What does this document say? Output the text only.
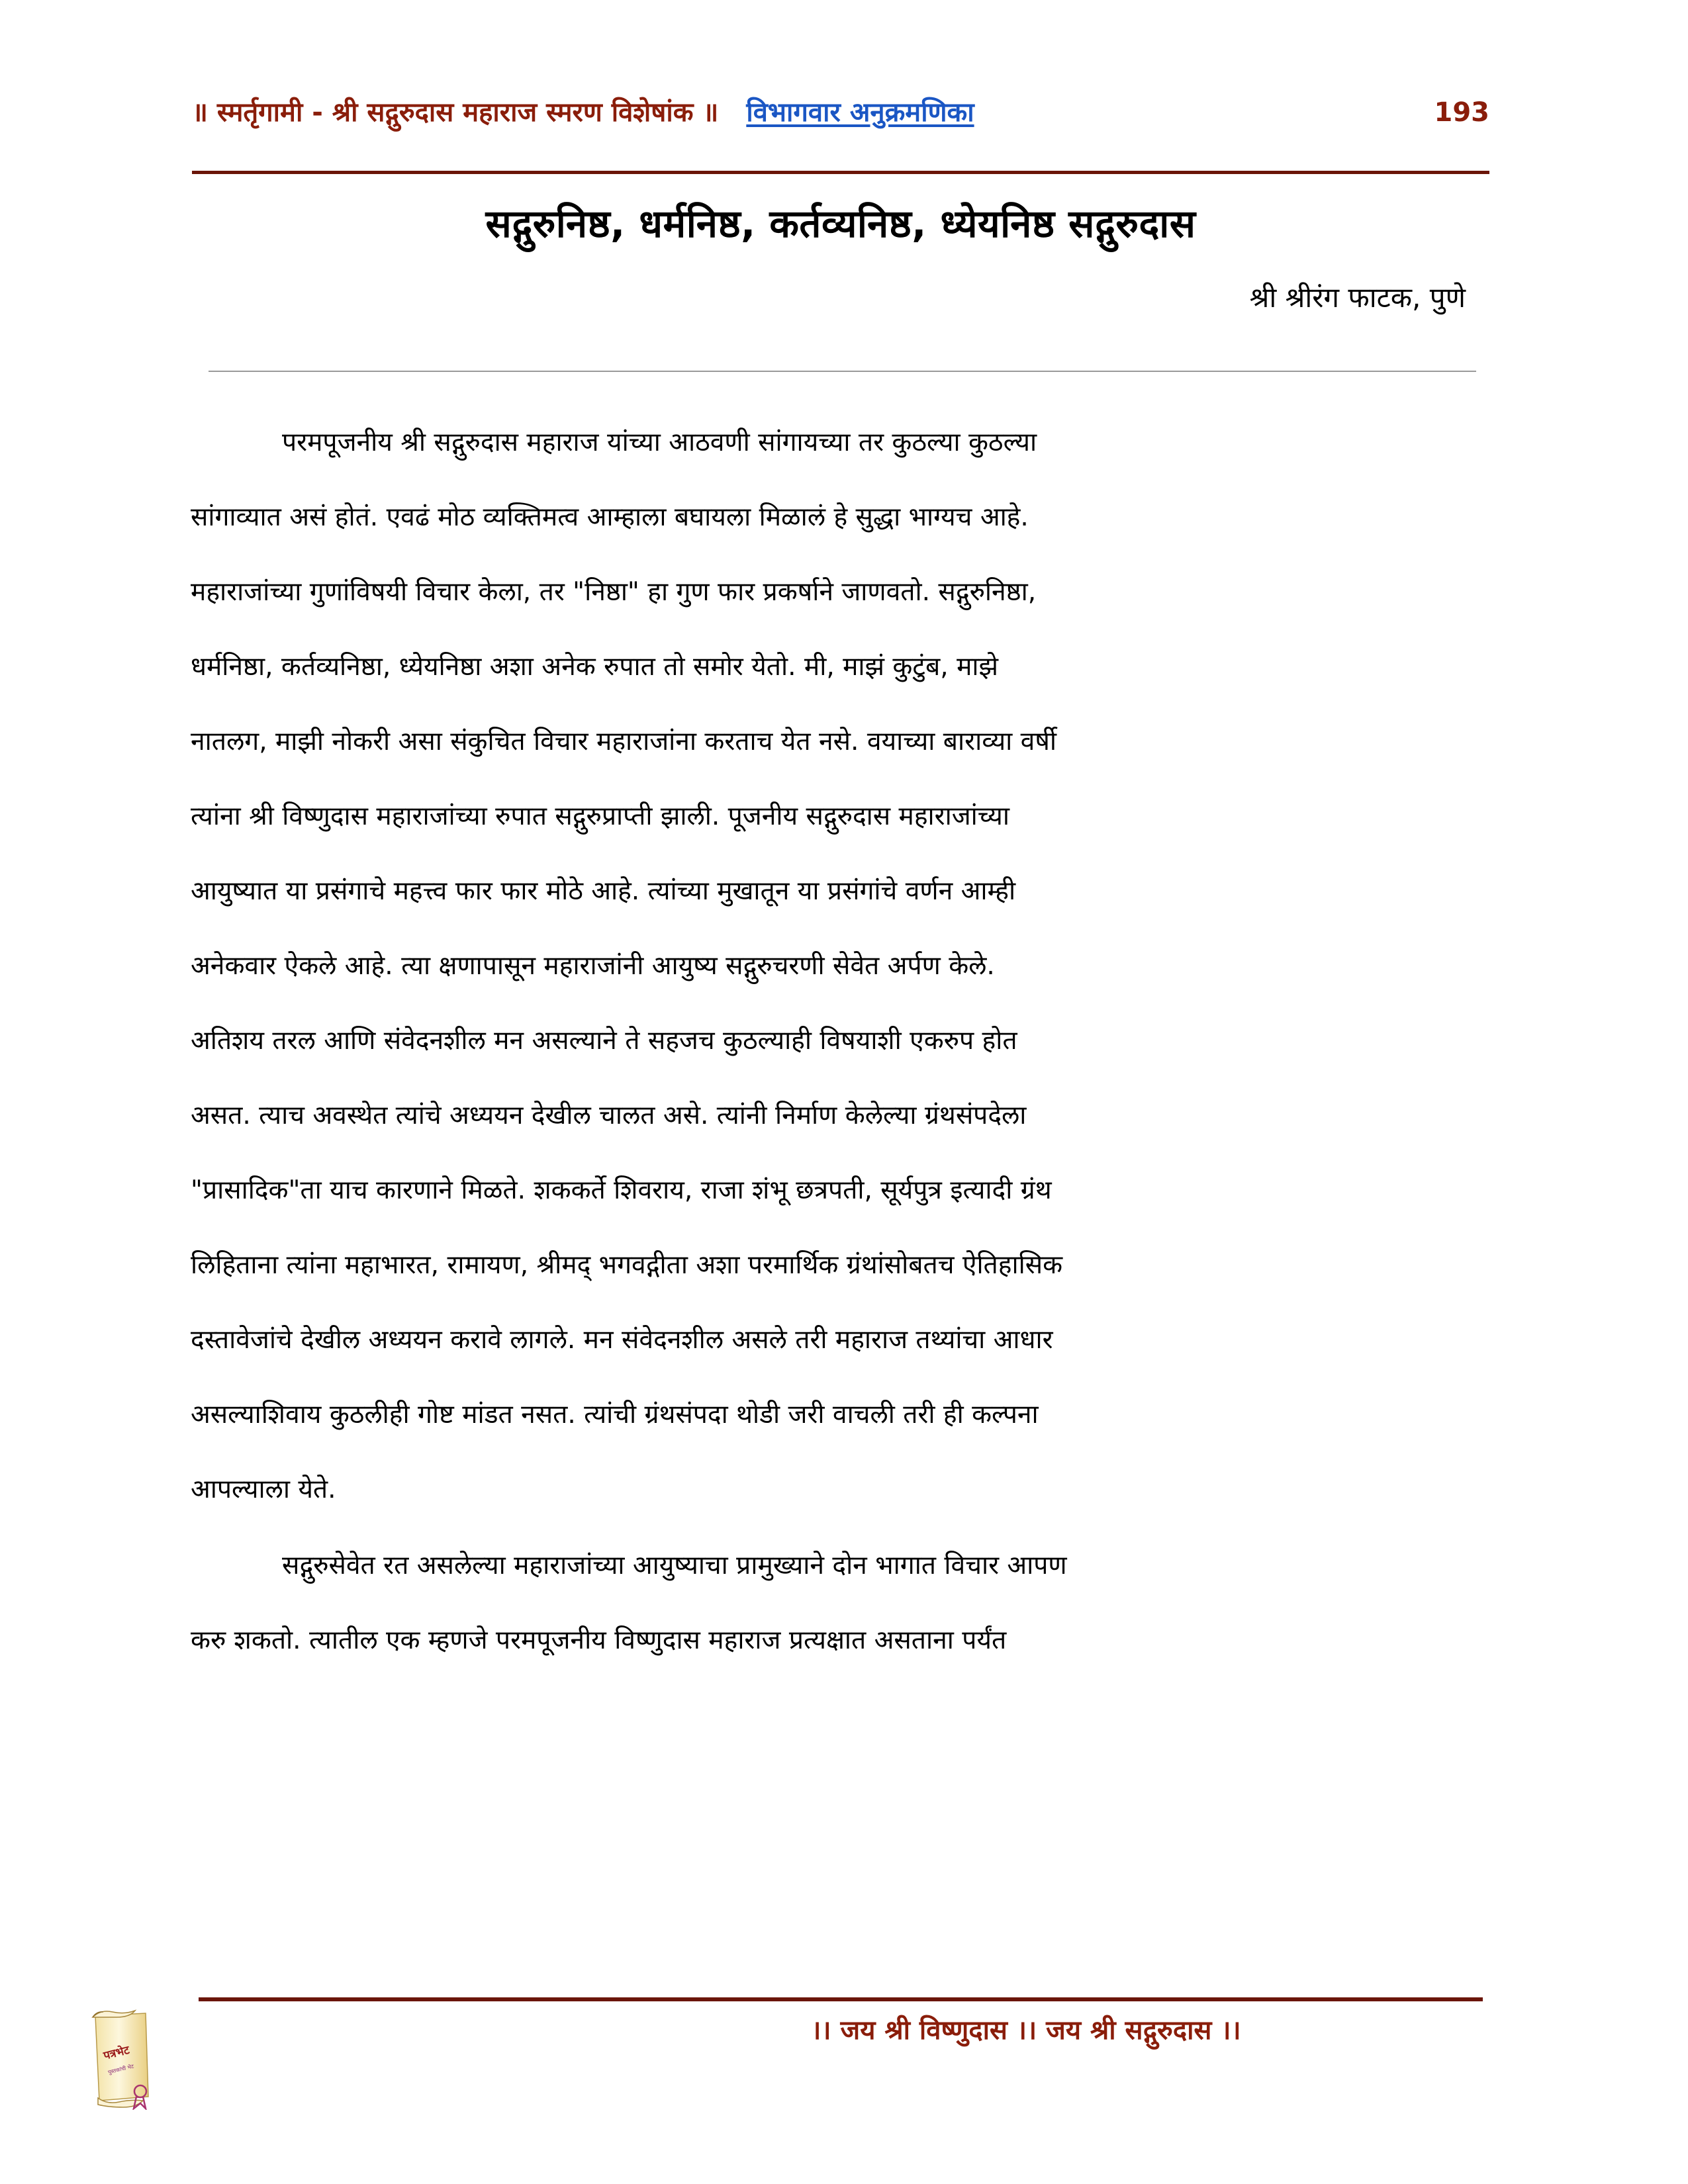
॥ स्मर्तृगामी - श्री सद्गुरुदास महाराज स्मरण विशेषांक ॥ विभागवार अनुक्रमणिका	193
सद्गुरुनिष्ठ, धर्मनिष्ठ, कर्तव्यनिष्ठ, ध्येयनिष्ठ सद्गुरुदास
श्री श्रीरंग फाटक, पुणे

परमपूजनीय श्री सद्गुरुदास महाराज यांच्या आठवणी सांगायच्या तर कुठल्या कुठल्या
सांगाव्यात असं होतं. एवढं मोठ व्यक्तिमत्व आम्हाला बघायला मिळालं हे सुद्धा भाग्यच आहे.
महाराजांच्या गुणांविषयी विचार केला, तर "निष्ठा" हा गुण फार प्रकर्षाने जाणवतो. सद्गुरुनिष्ठा,
धर्मनिष्ठा, कर्तव्यनिष्ठा, ध्येयनिष्ठा अशा अनेक रुपात तो समोर येतो. मी, माझं कुटुंब, माझे
नातलग, माझी नोकरी असा संकुचित विचार महाराजांना करताच येत नसे. वयाच्या बाराव्या वर्षी
त्यांना श्री विष्णुदास महाराजांच्या रुपात सद्गुरुप्राप्ती झाली. पूजनीय सद्गुरुदास महाराजांच्या
आयुष्यात या प्रसंगाचे महत्त्व फार फार मोठे आहे. त्यांच्या मुखातून या प्रसंगांचे वर्णन आम्ही
अनेकवार ऐकले आहे. त्या क्षणापासून महाराजांनी आयुष्य सद्गुरुचरणी सेवेत अर्पण केले.
अतिशय तरल आणि संवेदनशील मन असल्याने ते सहजच कुठल्याही विषयाशी एकरुप होत
असत. त्याच अवस्थेत त्यांचे अध्ययन देखील चालत असे. त्यांनी निर्माण केलेल्या ग्रंथसंपदेला
"प्रासादिक"ता याच कारणाने मिळते. शककर्ते शिवराय, राजा शंभू छत्रपती, सूर्यपुत्र इत्यादी ग्रंथ
लिहिताना त्यांना महाभारत, रामायण, श्रीमद् भगवद्गीता अशा परमार्थिक ग्रंथांसोबतच ऐतिहासिक
दस्तावेजांचे देखील अध्ययन करावे लागले. मन संवेदनशील असले तरी महाराज तथ्यांचा आधार
असल्याशिवाय कुठलीही गोष्ट मांडत नसत. त्यांची ग्रंथसंपदा थोडी जरी वाचली तरी ही कल्पना
आपल्याला येते.

सद्गुरुसेवेत रत असलेल्या महाराजांच्या आयुष्याचा प्रामुख्याने दोन भागात विचार आपण
करु शकतो. त्यातील एक म्हणजे परमपूजनीय विष्णुदास महाराज प्रत्यक्षात असताना पर्यंत

।। जय श्री विष्णुदास ।। जय श्री सद्गुरुदास ।।
पत्रभेट
पुस्तकांची भेट
